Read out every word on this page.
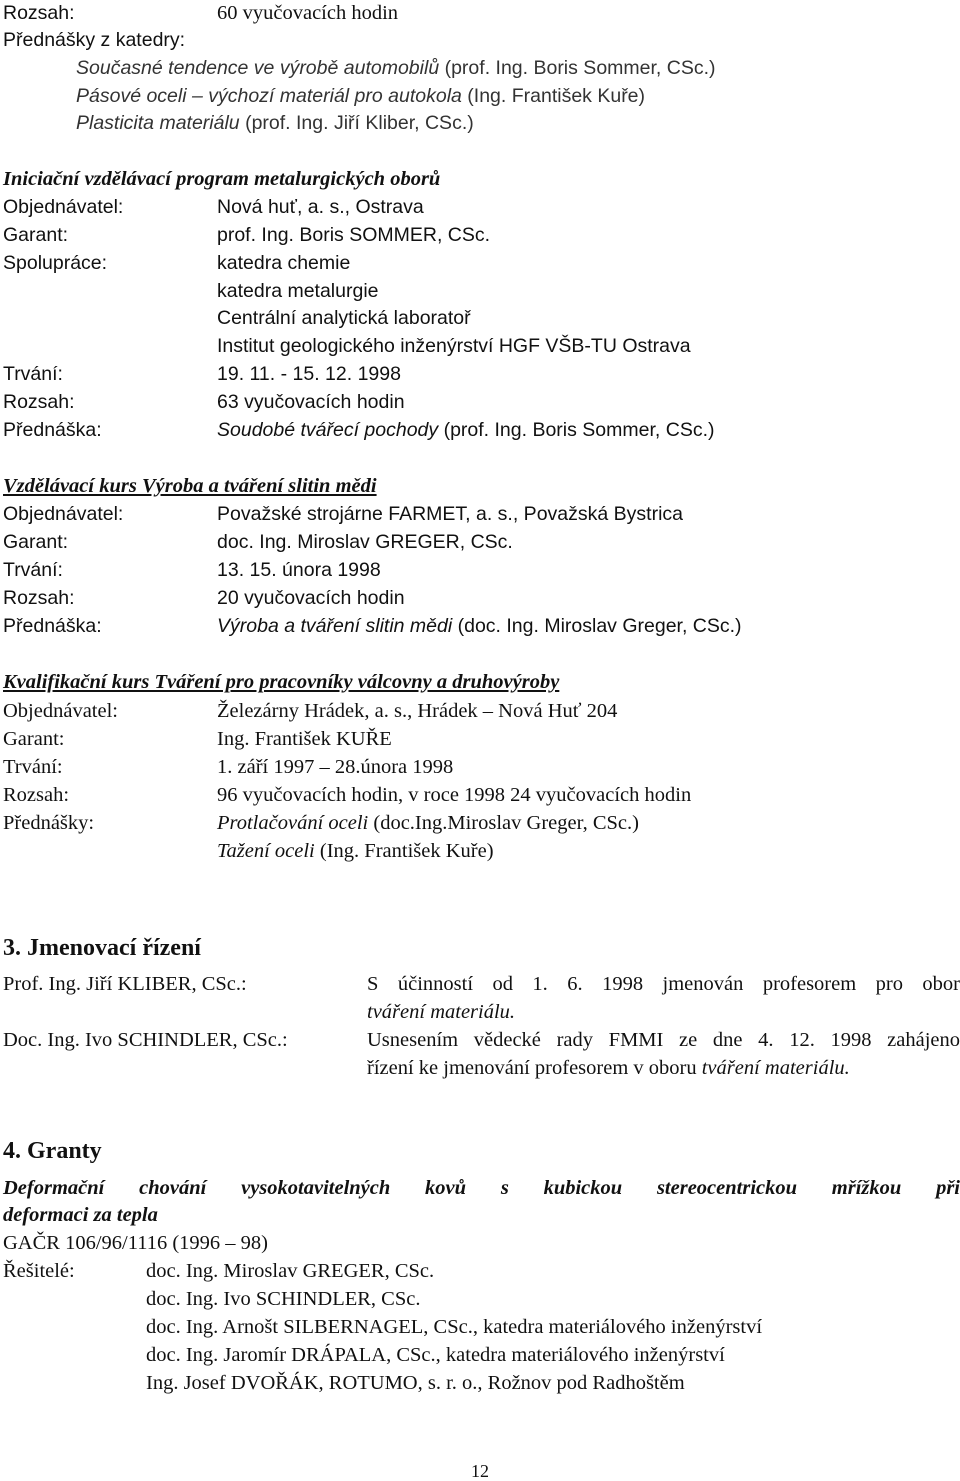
Rozsah:	60 vyučovacích hodin
Přednášky z katedry:
Současné tendence ve výrobě automobilů (prof. Ing. Boris Sommer, CSc.)
Pásové oceli – výchozí materiál pro autokola (Ing. František Kuře)
Plasticita materiálu (prof. Ing. Jiří Kliber, CSc.)
Iniciační vzdělávací program metalurgických oborů
Objednávatel:	Nová huť, a. s., Ostrava
Garant:	prof. Ing. Boris SOMMER, CSc.
Spolupráce:	katedra chemie
katedra metalurgie
Centrální analytická laboratoř
Institut geologického inženýrství HGF VŠB-TU Ostrava
Trvání:	19. 11. - 15. 12. 1998
Rozsah:	63 vyučovacích hodin
Přednáška:	Soudobé tvářecí pochody (prof. Ing. Boris Sommer, CSc.)
Vzdělávací kurs Výroba a tváření slitin mědi
Objednávatel:	Považské strojárne FARMET, a. s., Považská Bystrica
Garant:	doc. Ing. Miroslav GREGER, CSc.
Trvání:	13. 15. února 1998
Rozsah:	20 vyučovacích hodin
Přednáška:	Výroba a tváření slitin mědi (doc. Ing. Miroslav Greger, CSc.)
Kvalifikační kurs Tváření pro pracovníky válcovny a druhovýroby
Objednávatel:	Železárny Hrádek, a. s., Hrádek – Nová Huť 204
Garant:	Ing. František KUŘE
Trvání:	1. září 1997 – 28.února 1998
Rozsah:	96 vyučovacích hodin, v roce 1998 24 vyučovacích hodin
Přednášky:	Protlačování oceli (doc.Ing.Miroslav Greger, CSc.)
Tažení oceli (Ing. František Kuře)
3. Jmenovací řízení
Prof. Ing. Jiří KLIBER, CSc.:	S účinností od 1. 6. 1998 jmenován profesorem pro obor
tváření materiálu.
Doc. Ing. Ivo SCHINDLER, CSc.:	Usnesením vědecké rady FMMI ze dne 4. 12. 1998 zahájeno
řízení ke jmenování profesorem v oboru tváření materiálu.
4. Granty
Deformační chování vysokotavitelných kovů s kubickou stereocentrickou mřížkou při
deformaci za tepla
GAČR 106/96/1116 (1996 – 98)
Řešitelé:	doc. Ing. Miroslav GREGER, CSc.
doc. Ing. Ivo SCHINDLER, CSc.
doc. Ing. Arnošt SILBERNAGEL, CSc., katedra materiálového inženýrství
doc. Ing. Jaromír DRÁPALA, CSc., katedra materiálového inženýrství
Ing. Josef DVOŘÁK, ROTUMO, s. r. o., Rožnov pod Radhoštěm
12
